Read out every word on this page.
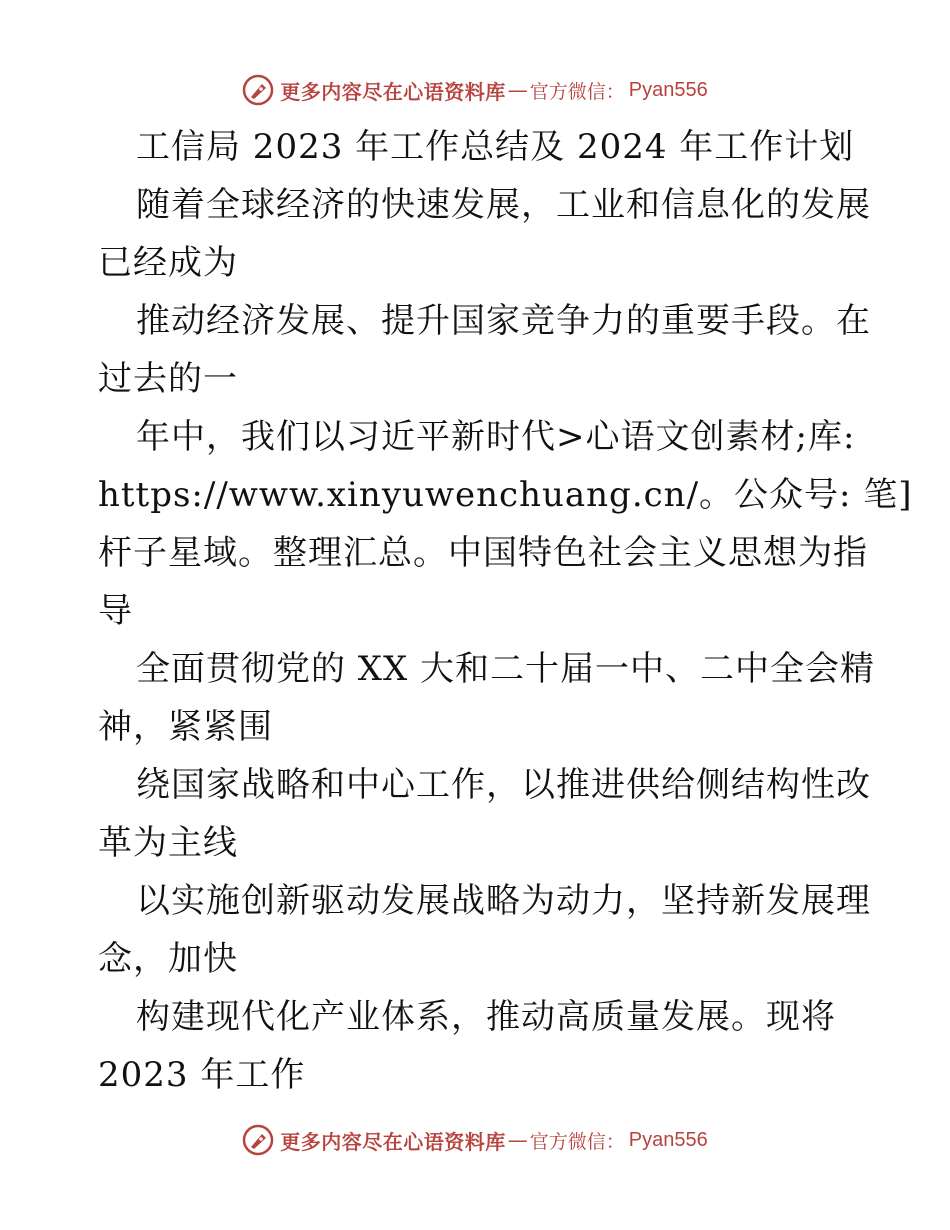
更多内容尽在心语资料库 — 官方微信： Pyan556
工信局 2023 年工作总结及 2024 年工作计划
随着全球经济的快速发展，工业和信息化的发展
已经成为
推动经济发展、提升国家竞争力的重要手段。在
过去的一
年中，我们以习近平新时代>心语文创素材;库:
https://www.xinyuwenchuang.cn/。公众号: 笔]
杆子星域。整理汇总。中国特色社会主义思想为指
导
全面贯彻党的 XX 大和二十届一中、二中全会精
神，紧紧围
绕国家战略和中心工作，以推进供给侧结构性改
革为主线
以实施创新驱动发展战略为动力，坚持新发展理
念，加快
构建现代化产业体系，推动高质量发展。现将
2023 年工作
更多内容尽在心语资料库 — 官方微信： Pyan556
